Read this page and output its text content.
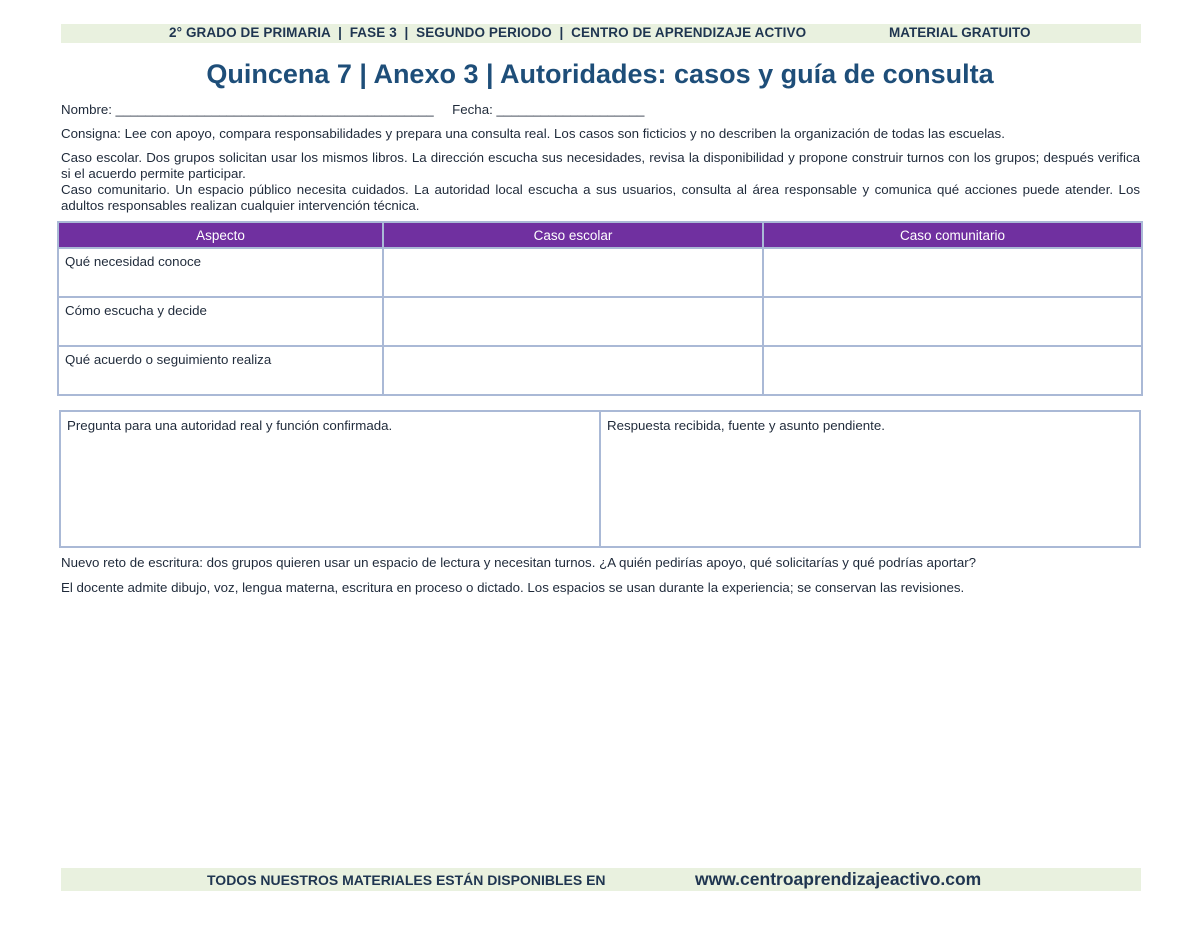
2° GRADO DE PRIMARIA  |  FASE 3  |  SEGUNDO PERIODO  |  CENTRO DE APRENDIZAJE ACTIVO	MATERIAL GRATUITO
Quincena 7 | Anexo 3 | Autoridades: casos y guía de consulta
Nombre: ___________________________________________     Fecha: ____________________
Consigna: Lee con apoyo, compara responsabilidades y prepara una consulta real. Los casos son ficticios y no describen la organización de todas las escuelas.
Caso escolar. Dos grupos solicitan usar los mismos libros. La dirección escucha sus necesidades, revisa la disponibilidad y propone construir turnos con los grupos; después verifica si el acuerdo permite participar.
Caso comunitario. Un espacio público necesita cuidados. La autoridad local escucha a sus usuarios, consulta al área responsable y comunica qué acciones puede atender. Los adultos responsables realizan cualquier intervención técnica.
Aspecto	Caso escolar	Caso comunitario
Qué necesidad conoce		
Cómo escucha y decide		
Qué acuerdo o seguimiento realiza		
Pregunta para una autoridad real y función confirmada.	Respuesta recibida, fuente y asunto pendiente.
Nuevo reto de escritura: dos grupos quieren usar un espacio de lectura y necesitan turnos. ¿A quién pedirías apoyo, qué solicitarías y qué podrías aportar?
El docente admite dibujo, voz, lengua materna, escritura en proceso o dictado. Los espacios se usan durante la experiencia; se conservan las revisiones.
TODOS NUESTROS MATERIALES ESTÁN DISPONIBLES EN	www.centroaprendizajeactivo.com
